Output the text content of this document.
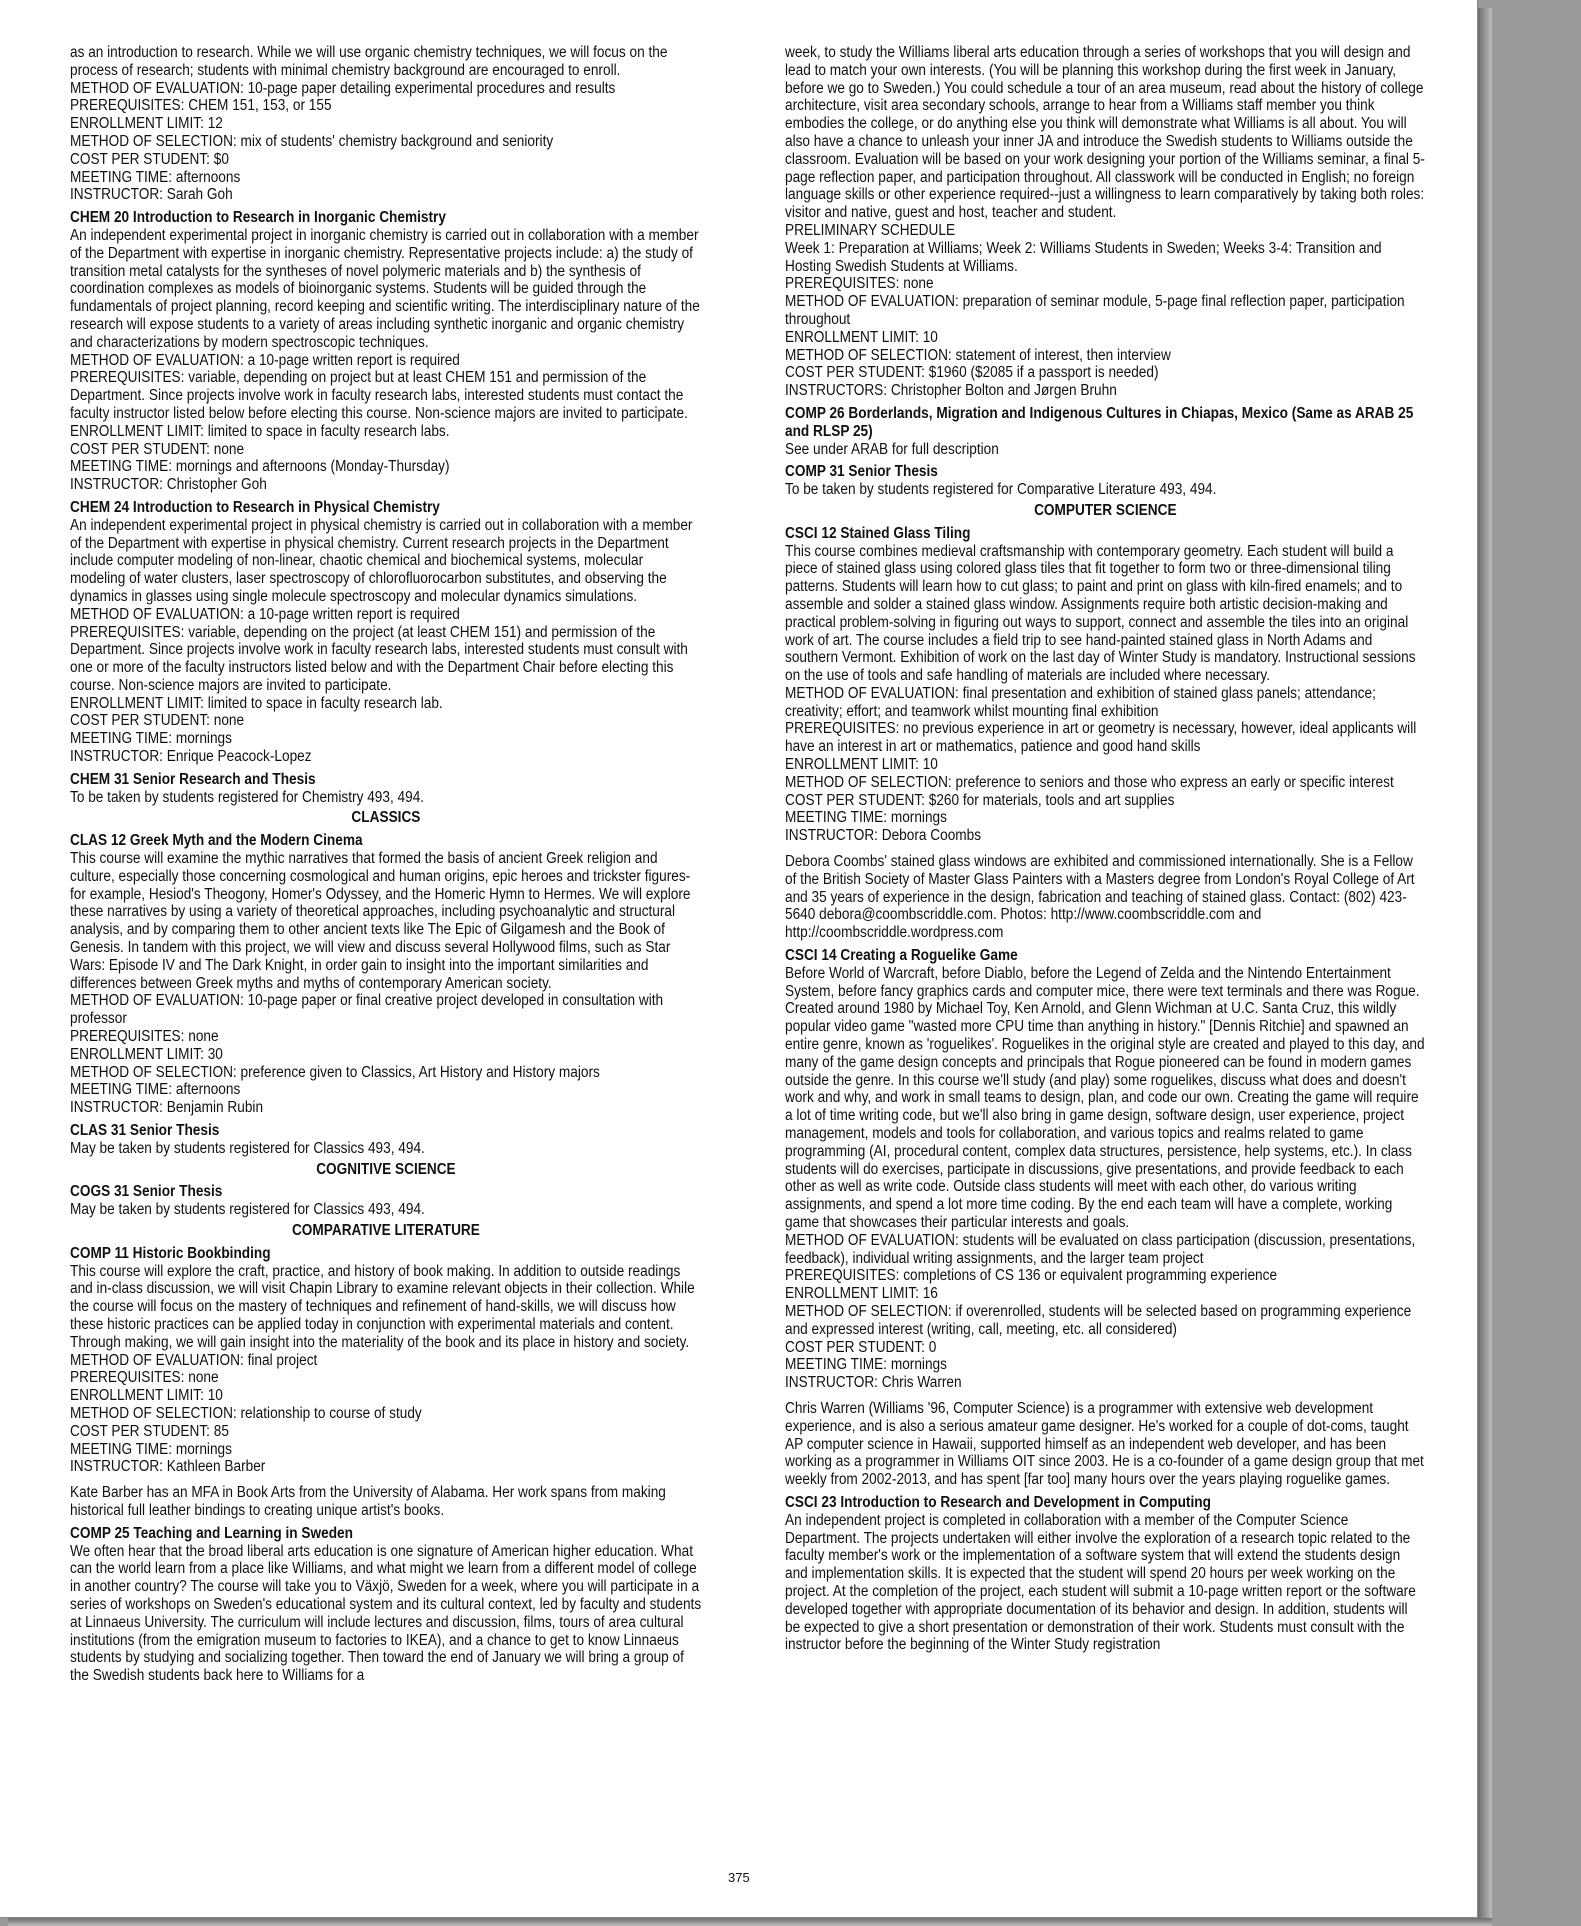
as an introduction to research. While we will use organic chemistry techniques, we will focus on the process of research; students with minimal chemistry background are encouraged to enroll.
METHOD OF EVALUATION: 10-page paper detailing experimental procedures and results
PREREQUISITES: CHEM 151, 153, or 155
ENROLLMENT LIMIT: 12
METHOD OF SELECTION: mix of students' chemistry background and seniority
COST PER STUDENT: $0
MEETING TIME: afternoons
INSTRUCTOR: Sarah Goh
CHEM 20 Introduction to Research in Inorganic Chemistry
An independent experimental project in inorganic chemistry is carried out in collaboration with a member of the Department with expertise in inorganic chemistry. Representative projects include: a) the study of transition metal catalysts for the syntheses of novel polymeric materials and b) the synthesis of coordination complexes as models of bioinorganic systems. Students will be guided through the fundamentals of project planning, record keeping and scientific writing. The interdisciplinary nature of the research will expose students to a variety of areas including synthetic inorganic and organic chemistry and characterizations by modern spectroscopic techniques.
METHOD OF EVALUATION: a 10-page written report is required
PREREQUISITES: variable, depending on project but at least CHEM 151 and permission of the Department. Since projects involve work in faculty research labs, interested students must contact the faculty instructor listed below before electing this course. Non-science majors are invited to participate.
ENROLLMENT LIMIT: limited to space in faculty research labs.
COST PER STUDENT: none
MEETING TIME: mornings and afternoons (Monday-Thursday)
INSTRUCTOR: Christopher Goh
CHEM 24 Introduction to Research in Physical Chemistry
An independent experimental project in physical chemistry is carried out in collaboration with a member of the Department with expertise in physical chemistry. Current research projects in the Department include computer modeling of non-linear, chaotic chemical and biochemical systems, molecular modeling of water clusters, laser spectroscopy of chlorofluorocarbon substitutes, and observing the dynamics in glasses using single molecule spectroscopy and molecular dynamics simulations.
METHOD OF EVALUATION: a 10-page written report is required
PREREQUISITES: variable, depending on the project (at least CHEM 151) and permission of the Department. Since projects involve work in faculty research labs, interested students must consult with one or more of the faculty instructors listed below and with the Department Chair before electing this course. Non-science majors are invited to participate.
ENROLLMENT LIMIT: limited to space in faculty research lab.
COST PER STUDENT: none
MEETING TIME: mornings
INSTRUCTOR: Enrique Peacock-Lopez
CHEM 31 Senior Research and Thesis
To be taken by students registered for Chemistry 493, 494.
CLASSICS
CLAS 12 Greek Myth and the Modern Cinema
This course will examine the mythic narratives that formed the basis of ancient Greek religion and culture, especially those concerning cosmological and human origins, epic heroes and trickster figures-for example, Hesiod's Theogony, Homer's Odyssey, and the Homeric Hymn to Hermes. We will explore these narratives by using a variety of theoretical approaches, including psychoanalytic and structural analysis, and by comparing them to other ancient texts like The Epic of Gilgamesh and the Book of Genesis. In tandem with this project, we will view and discuss several Hollywood films, such as Star Wars: Episode IV and The Dark Knight, in order gain to insight into the important similarities and differences between Greek myths and myths of contemporary American society.
METHOD OF EVALUATION: 10-page paper or final creative project developed in consultation with professor
PREREQUISITES: none
ENROLLMENT LIMIT: 30
METHOD OF SELECTION: preference given to Classics, Art History and History majors
MEETING TIME: afternoons
INSTRUCTOR: Benjamin Rubin
CLAS 31 Senior Thesis
May be taken by students registered for Classics 493, 494.
COGNITIVE SCIENCE
COGS 31 Senior Thesis
May be taken by students registered for Classics 493, 494.
COMPARATIVE LITERATURE
COMP 11 Historic Bookbinding
This course will explore the craft, practice, and history of book making. In addition to outside readings and in-class discussion, we will visit Chapin Library to examine relevant objects in their collection. While the course will focus on the mastery of techniques and refinement of hand-skills, we will discuss how these historic practices can be applied today in conjunction with experimental materials and content. Through making, we will gain insight into the materiality of the book and its place in history and society.
METHOD OF EVALUATION: final project
PREREQUISITES: none
ENROLLMENT LIMIT: 10
METHOD OF SELECTION: relationship to course of study
COST PER STUDENT: 85
MEETING TIME: mornings
INSTRUCTOR: Kathleen Barber
Kate Barber has an MFA in Book Arts from the University of Alabama. Her work spans from making historical full leather bindings to creating unique artist's books.
COMP 25 Teaching and Learning in Sweden
We often hear that the broad liberal arts education is one signature of American higher education. What can the world learn from a place like Williams, and what might we learn from a different model of college in another country? The course will take you to Växjö, Sweden for a week, where you will participate in a series of workshops on Sweden's educational system and its cultural context, led by faculty and students at Linnaeus University. The curriculum will include lectures and discussion, films, tours of area cultural institutions (from the emigration museum to factories to IKEA), and a chance to get to know Linnaeus students by studying and socializing together. Then toward the end of January we will bring a group of the Swedish students back here to Williams for a
week, to study the Williams liberal arts education through a series of workshops that you will design and lead to match your own interests. (You will be planning this workshop during the first week in January, before we go to Sweden.) You could schedule a tour of an area museum, read about the history of college architecture, visit area secondary schools, arrange to hear from a Williams staff member you think embodies the college, or do anything else you think will demonstrate what Williams is all about. You will also have a chance to unleash your inner JA and introduce the Swedish students to Williams outside the classroom. Evaluation will be based on your work designing your portion of the Williams seminar, a final 5-page reflection paper, and participation throughout. All classwork will be conducted in English; no foreign language skills or other experience required--just a willingness to learn comparatively by taking both roles: visitor and native, guest and host, teacher and student.
PRELIMINARY SCHEDULE
Week 1: Preparation at Williams; Week 2: Williams Students in Sweden; Weeks 3-4: Transition and Hosting Swedish Students at Williams.
PREREQUISITES: none
METHOD OF EVALUATION: preparation of seminar module, 5-page final reflection paper, participation throughout
ENROLLMENT LIMIT: 10
METHOD OF SELECTION: statement of interest, then interview
COST PER STUDENT: $1960 ($2085 if a passport is needed)
INSTRUCTORS: Christopher Bolton and Jørgen Bruhn
COMP 26 Borderlands, Migration and Indigenous Cultures in Chiapas, Mexico (Same as ARAB 25 and RLSP 25)
See under ARAB for full description
COMP 31 Senior Thesis
To be taken by students registered for Comparative Literature 493, 494.
COMPUTER SCIENCE
CSCI 12 Stained Glass Tiling
This course combines medieval craftsmanship with contemporary geometry. Each student will build a piece of stained glass using colored glass tiles that fit together to form two or three-dimensional tiling patterns. Students will learn how to cut glass; to paint and print on glass with kiln-fired enamels; and to assemble and solder a stained glass window. Assignments require both artistic decision-making and practical problem-solving in figuring out ways to support, connect and assemble the tiles into an original work of art. The course includes a field trip to see hand-painted stained glass in North Adams and southern Vermont. Exhibition of work on the last day of Winter Study is mandatory. Instructional sessions on the use of tools and safe handling of materials are included where necessary.
METHOD OF EVALUATION: final presentation and exhibition of stained glass panels; attendance; creativity; effort; and teamwork whilst mounting final exhibition
PREREQUISITES: no previous experience in art or geometry is necessary, however, ideal applicants will have an interest in art or mathematics, patience and good hand skills
ENROLLMENT LIMIT: 10
METHOD OF SELECTION: preference to seniors and those who express an early or specific interest
COST PER STUDENT: $260 for materials, tools and art supplies
MEETING TIME: mornings
INSTRUCTOR: Debora Coombs
Debora Coombs' stained glass windows are exhibited and commissioned internationally. She is a Fellow of the British Society of Master Glass Painters with a Masters degree from London's Royal College of Art and 35 years of experience in the design, fabrication and teaching of stained glass. Contact: (802) 423-5640 debora@coombscriddle.com. Photos: http://www.coombscriddle.com and http://coombscriddle.wordpress.com
CSCI 14 Creating a Roguelike Game
Before World of Warcraft, before Diablo, before the Legend of Zelda and the Nintendo Entertainment System, before fancy graphics cards and computer mice, there were text terminals and there was Rogue. Created around 1980 by Michael Toy, Ken Arnold, and Glenn Wichman at U.C. Santa Cruz, this wildly popular video game "wasted more CPU time than anything in history." [Dennis Ritchie] and spawned an entire genre, known as 'roguelikes'. Roguelikes in the original style are created and played to this day, and many of the game design concepts and principals that Rogue pioneered can be found in modern games outside the genre. In this course we'll study (and play) some roguelikes, discuss what does and doesn't work and why, and work in small teams to design, plan, and code our own. Creating the game will require a lot of time writing code, but we'll also bring in game design, software design, user experience, project management, models and tools for collaboration, and various topics and realms related to game programming (AI, procedural content, complex data structures, persistence, help systems, etc.). In class students will do exercises, participate in discussions, give presentations, and provide feedback to each other as well as write code. Outside class students will meet with each other, do various writing assignments, and spend a lot more time coding. By the end each team will have a complete, working game that showcases their particular interests and goals.
METHOD OF EVALUATION: students will be evaluated on class participation (discussion, presentations, feedback), individual writing assignments, and the larger team project
PREREQUISITES: completions of CS 136 or equivalent programming experience
ENROLLMENT LIMIT: 16
METHOD OF SELECTION: if overenrolled, students will be selected based on programming experience and expressed interest (writing, call, meeting, etc. all considered)
COST PER STUDENT: 0
MEETING TIME: mornings
INSTRUCTOR: Chris Warren
Chris Warren (Williams '96, Computer Science) is a programmer with extensive web development experience, and is also a serious amateur game designer. He's worked for a couple of dot-coms, taught AP computer science in Hawaii, supported himself as an independent web developer, and has been working as a programmer in Williams OIT since 2003. He is a co-founder of a game design group that met weekly from 2002-2013, and has spent [far too] many hours over the years playing roguelike games.
CSCI 23 Introduction to Research and Development in Computing
An independent project is completed in collaboration with a member of the Computer Science Department. The projects undertaken will either involve the exploration of a research topic related to the faculty member's work or the implementation of a software system that will extend the students design and implementation skills. It is expected that the student will spend 20 hours per week working on the project. At the completion of the project, each student will submit a 10-page written report or the software developed together with appropriate documentation of its behavior and design. In addition, students will be expected to give a short presentation or demonstration of their work. Students must consult with the instructor before the beginning of the Winter Study registration
375
